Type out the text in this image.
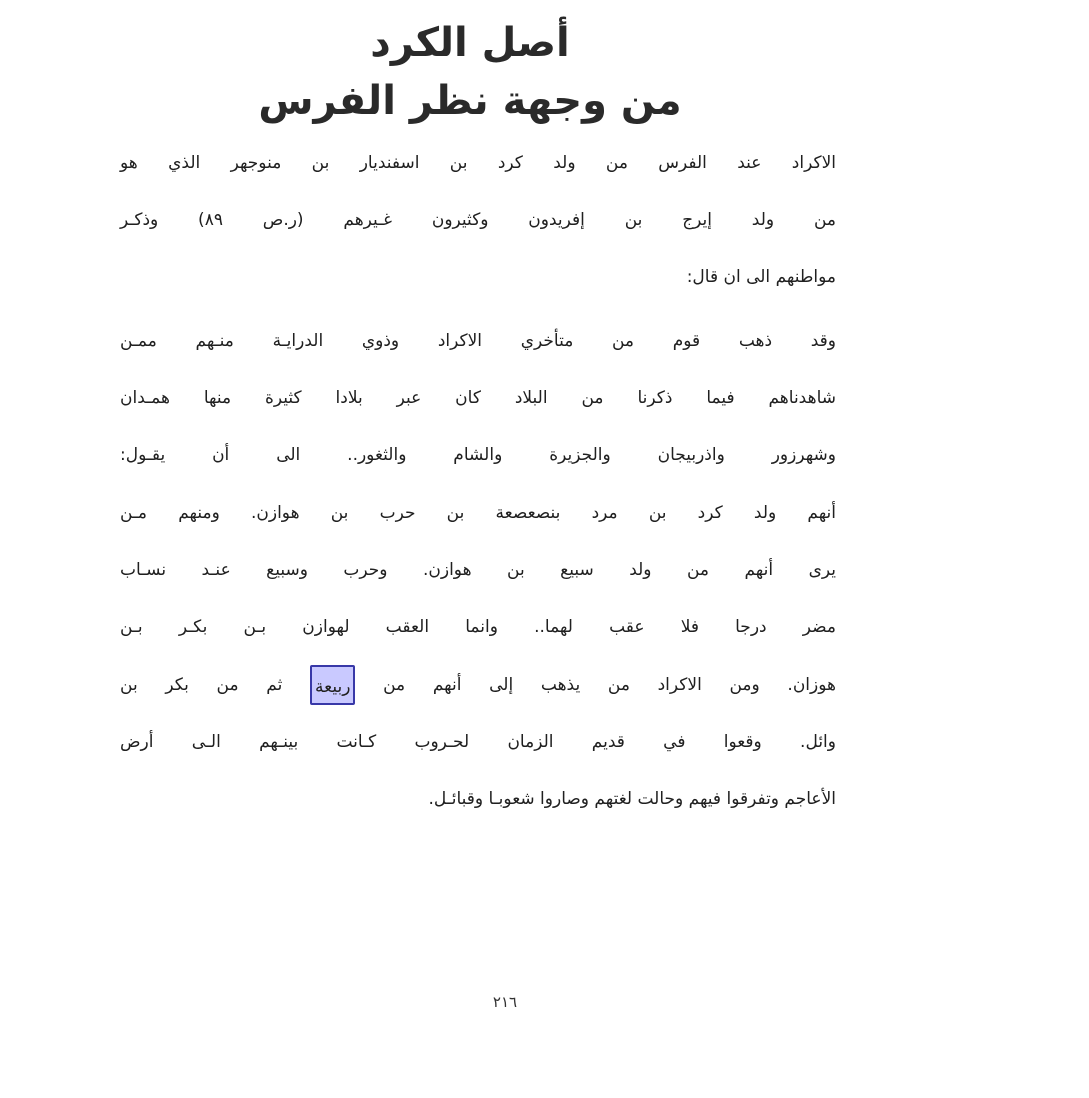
أصل الكرد
من وجهة نظر الفرس
الاكراد عند الفرس من ولد كرد بن اسفنديار بن منوجهر الذي هو
من ولد إيرج بن إفريدون وكثيرون غـيرهم (ر.ص ٨٩) وذكـر
مواطنهم الى ان قال:
وقد ذهب قوم من متأخري الاكراد وذوي الدرايـة منـهم ممـن
شاهدناهم فيما ذكرنا من البلاد كان عبر بلادا كثيرة منها همـدان
وشهرزور واذربيجان والجزيرة والشام والثغور.. الى أن يقـول:
أنهم ولد كرد بن مرد بنصعصعة بن حرب بن هوازن. ومنهم مـن
يرى أنهم من ولد سبيع بن هوازن. وحرب وسبيع عنـد نسـاب
مضر درجا فلا عقب لهما.. وانما العقب لهوازن بـن بكـر بـن
هوزان. ومن الاكراد من يذهب إلى أنهم من ربيعة ثم من بكر بن
وائل. وقعوا في قديم الزمان لحـروب كـانت بينـهم الـى أرض
الأعاجم وتفرقوا فيهم وحالت لغتهم وصاروا شعوبـا وقبائـل.
٢١٦
